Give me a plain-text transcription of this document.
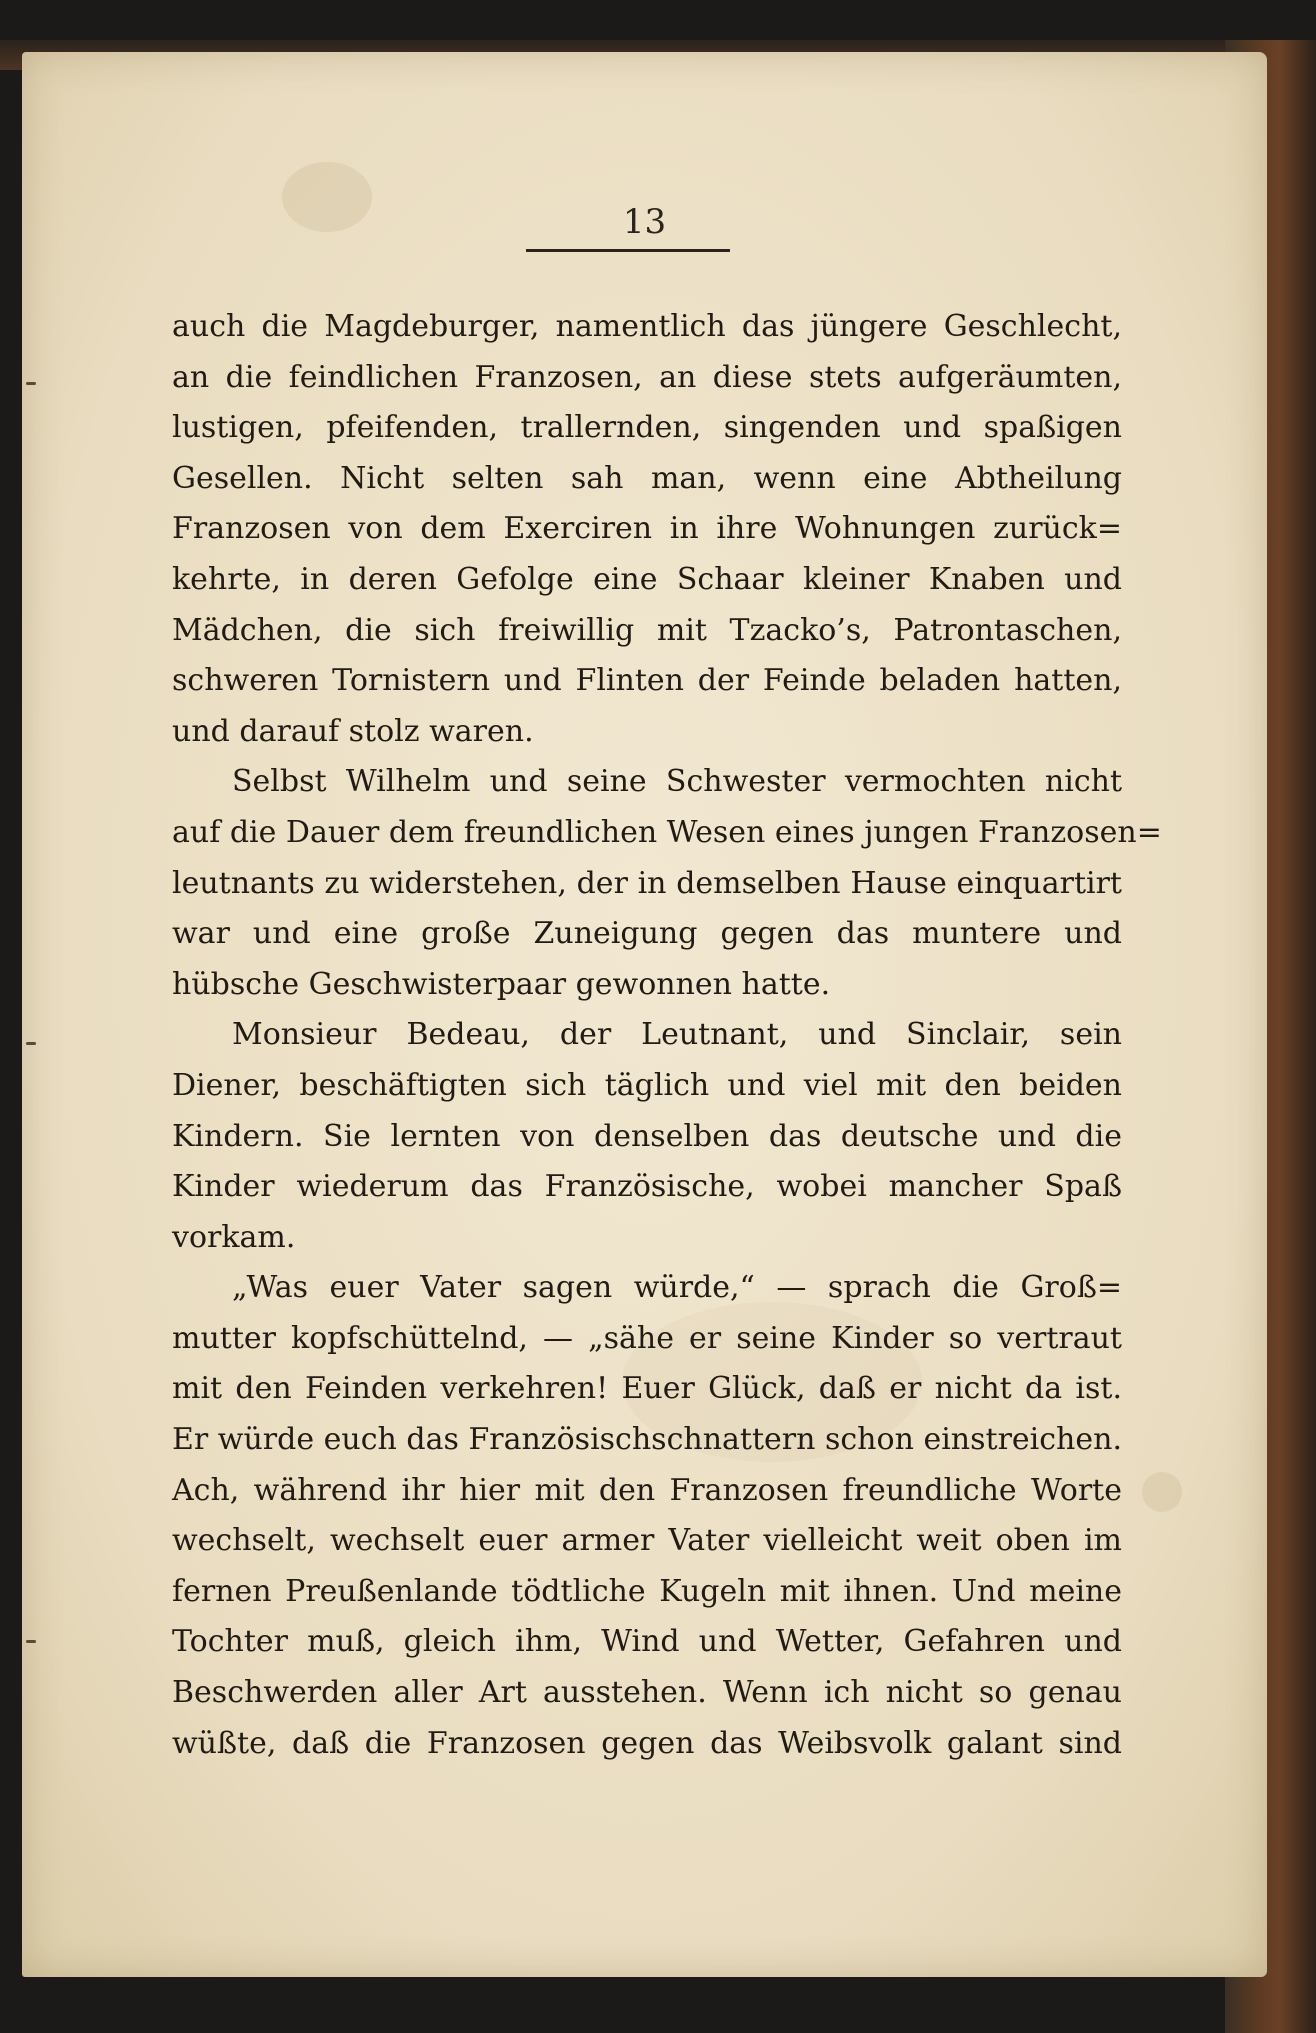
13
auch die Magdeburger, namentlich das jüngere Geschlecht,
an die feindlichen Franzosen, an diese stets aufgeräumten,
lustigen, pfeifenden, trallernden, singenden und spaßigen
Gesellen. Nicht selten sah man, wenn eine Abtheilung
Franzosen von dem Exerciren in ihre Wohnungen zurück=
kehrte, in deren Gefolge eine Schaar kleiner Knaben und
Mädchen, die sich freiwillig mit Tzacko’s, Patrontaschen,
schweren Tornistern und Flinten der Feinde beladen hatten,
und darauf stolz waren.
Selbst Wilhelm und seine Schwester vermochten nicht
auf die Dauer dem freundlichen Wesen eines jungen Franzosen=
leutnants zu widerstehen, der in demselben Hause einquartirt
war und eine große Zuneigung gegen das muntere und
hübsche Geschwisterpaar gewonnen hatte.
Monsieur Bedeau, der Leutnant, und Sinclair, sein
Diener, beschäftigten sich täglich und viel mit den beiden
Kindern. Sie lernten von denselben das deutsche und die
Kinder wiederum das Französische, wobei mancher Spaß
vorkam.
„Was euer Vater sagen würde,“ — sprach die Groß=
mutter kopfschüttelnd, — „sähe er seine Kinder so vertraut
mit den Feinden verkehren! Euer Glück, daß er nicht da ist.
Er würde euch das Französischschnattern schon einstreichen.
Ach, während ihr hier mit den Franzosen freundliche Worte
wechselt, wechselt euer armer Vater vielleicht weit oben im
fernen Preußenlande tödtliche Kugeln mit ihnen. Und meine
Tochter muß, gleich ihm, Wind und Wetter, Gefahren und
Beschwerden aller Art ausstehen. Wenn ich nicht so genau
wüßte, daß die Franzosen gegen das Weibsvolk galant sind
